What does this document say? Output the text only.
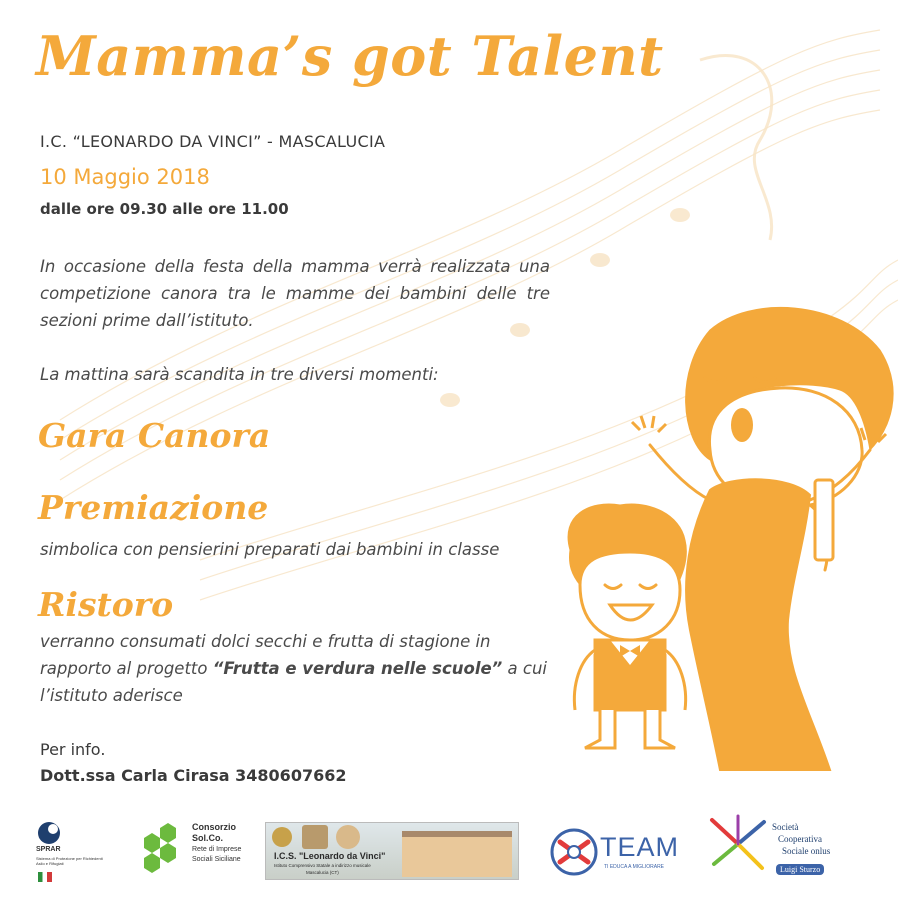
Mamma’s got Talent
I.C. “LEONARDO DA VINCI” - MASCALUCIA
10 Maggio 2018
dalle ore 09.30 alle ore 11.00
In occasione della festa della mamma verrà realizzata una competizione canora tra le mamme dei bambini delle tre sezioni prime dall’istituto.
La mattina sarà scandita in tre diversi momenti:
Gara Canora
Premiazione
simbolica con pensierini preparati dai bambini in classe
Ristoro
verranno consumati dolci secchi e frutta di stagione in rapporto al progetto “Frutta e verdura nelle scuole” a cui l’istituto aderisce
Per info.
Dott.ssa Carla Cirasa 3480607662
SPRAR
Sistema di Protezione per Richiedenti Asilo e Rifugiati
Consorzio
Sol.Co.
Rete di Imprese
Sociali Siciliane	I.C.S. "Leonardo da Vinci"
Istituto Comprensivo Statale a indirizzo musicale
Mascalucia (CT)
TEAM
TI EDUCA A MIGLIORARE
Società
Cooperativa
Sociale onlus
Luigi Sturzo
